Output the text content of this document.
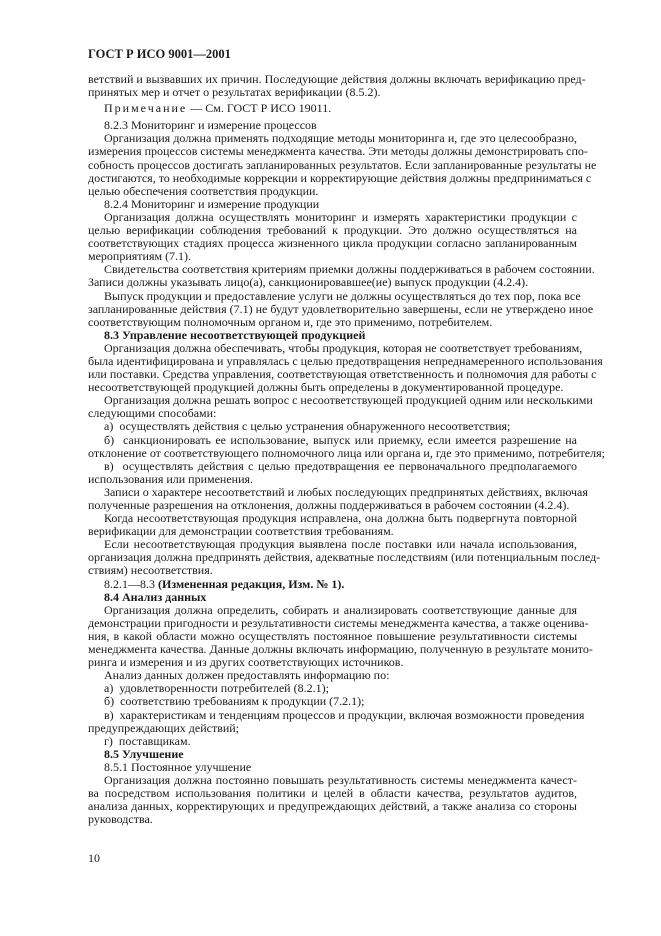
ГОСТ Р ИСО 9001—2001
ветствий и вызвавших их причин. Последующие действия должны включать верификацию пред-
принятых мер и отчет о результатах верификации (8.5.2).
Примечание — См. ГОСТ Р ИСО 19011.
8.2.3 Мониторинг и измерение процессов
Организация должна применять подходящие методы мониторинга и, где это целесообразно,
измерения процессов системы менеджмента качества. Эти методы должны демонстрировать спо-
собность процессов достигать запланированных результатов. Если запланированные результаты не
достигаются, то необходимые коррекции и корректирующие действия должны предприниматься с
целью обеспечения соответствия продукции.
8.2.4 Мониторинг и измерение продукции
Организация должна осуществлять мониторинг и измерять характеристики продукции с
целью верификации соблюдения требований к продукции. Это должно осуществляться на
соответствующих стадиях процесса жизненного цикла продукции согласно запланированным
мероприятиям (7.1).
Свидетельства соответствия критериям приемки должны поддерживаться в рабочем состоянии.
Записи должны указывать лицо(а), санкционировавшее(ие) выпуск продукции (4.2.4).
Выпуск продукции и предоставление услуги не должны осуществляться до тех пор, пока все
запланированные действия (7.1) не будут удовлетворительно завершены, если не утверждено иное
соответствующим полномочным органом и, где это применимо, потребителем.
8.3 Управление несоответствующей продукцией
Организация должна обеспечивать, чтобы продукция, которая не соответствует требованиям,
была идентифицирована и управлялась с целью предотвращения непреднамеренного использования
или поставки. Средства управления, соответствующая ответственность и полномочия для работы с
несоответствующей продукцией должны быть определены в документированной процедуре.
Организация должна решать вопрос с несоответствующей продукцией одним или несколькими
следующими способами:
а)  осуществлять действия с целью устранения обнаруженного несоответствия;
б)  санкционировать ее использование, выпуск или приемку, если имеется разрешение на
отклонение от соответствующего полномочного лица или органа и, где это применимо, потребителя;
в)  осуществлять действия с целью предотвращения ее первоначального предполагаемого
использования или применения.
Записи о характере несоответствий и любых последующих предпринятых действиях, включая
полученные разрешения на отклонения, должны поддерживаться в рабочем состоянии (4.2.4).
Когда несоответствующая продукция исправлена, она должна быть подвергнута повторной
верификации для демонстрации соответствия требованиям.
Если несоответствующая продукция выявлена после поставки или начала использования,
организация должна предпринять действия, адекватные последствиям (или потенциальным послед-
ствиям) несоответствия.
8.2.1—8.3 (Измененная редакция, Изм. № 1).
8.4 Анализ данных
Организация должна определить, собирать и анализировать соответствующие данные для
демонстрации пригодности и результативности системы менеджмента качества, а также оценива-
ния, в какой области можно осуществлять постоянное повышение результативности системы
менеджмента качества. Данные должны включать информацию, полученную в результате монито-
ринга и измерения и из других соответствующих источников.
Анализ данных должен предоставлять информацию по:
а)  удовлетворенности потребителей (8.2.1);
б)  соответствию требованиям к продукции (7.2.1);
в)  характеристикам и тенденциям процессов и продукции, включая возможности проведения
предупреждающих действий;
г)  поставщикам.
8.5 Улучшение
8.5.1 Постоянное улучшение
Организация должна постоянно повышать результативность системы менеджмента качест-
ва посредством использования политики и целей в области качества, результатов аудитов,
анализа данных, корректирующих и предупреждающих действий, а также анализа со стороны
руководства.
10
